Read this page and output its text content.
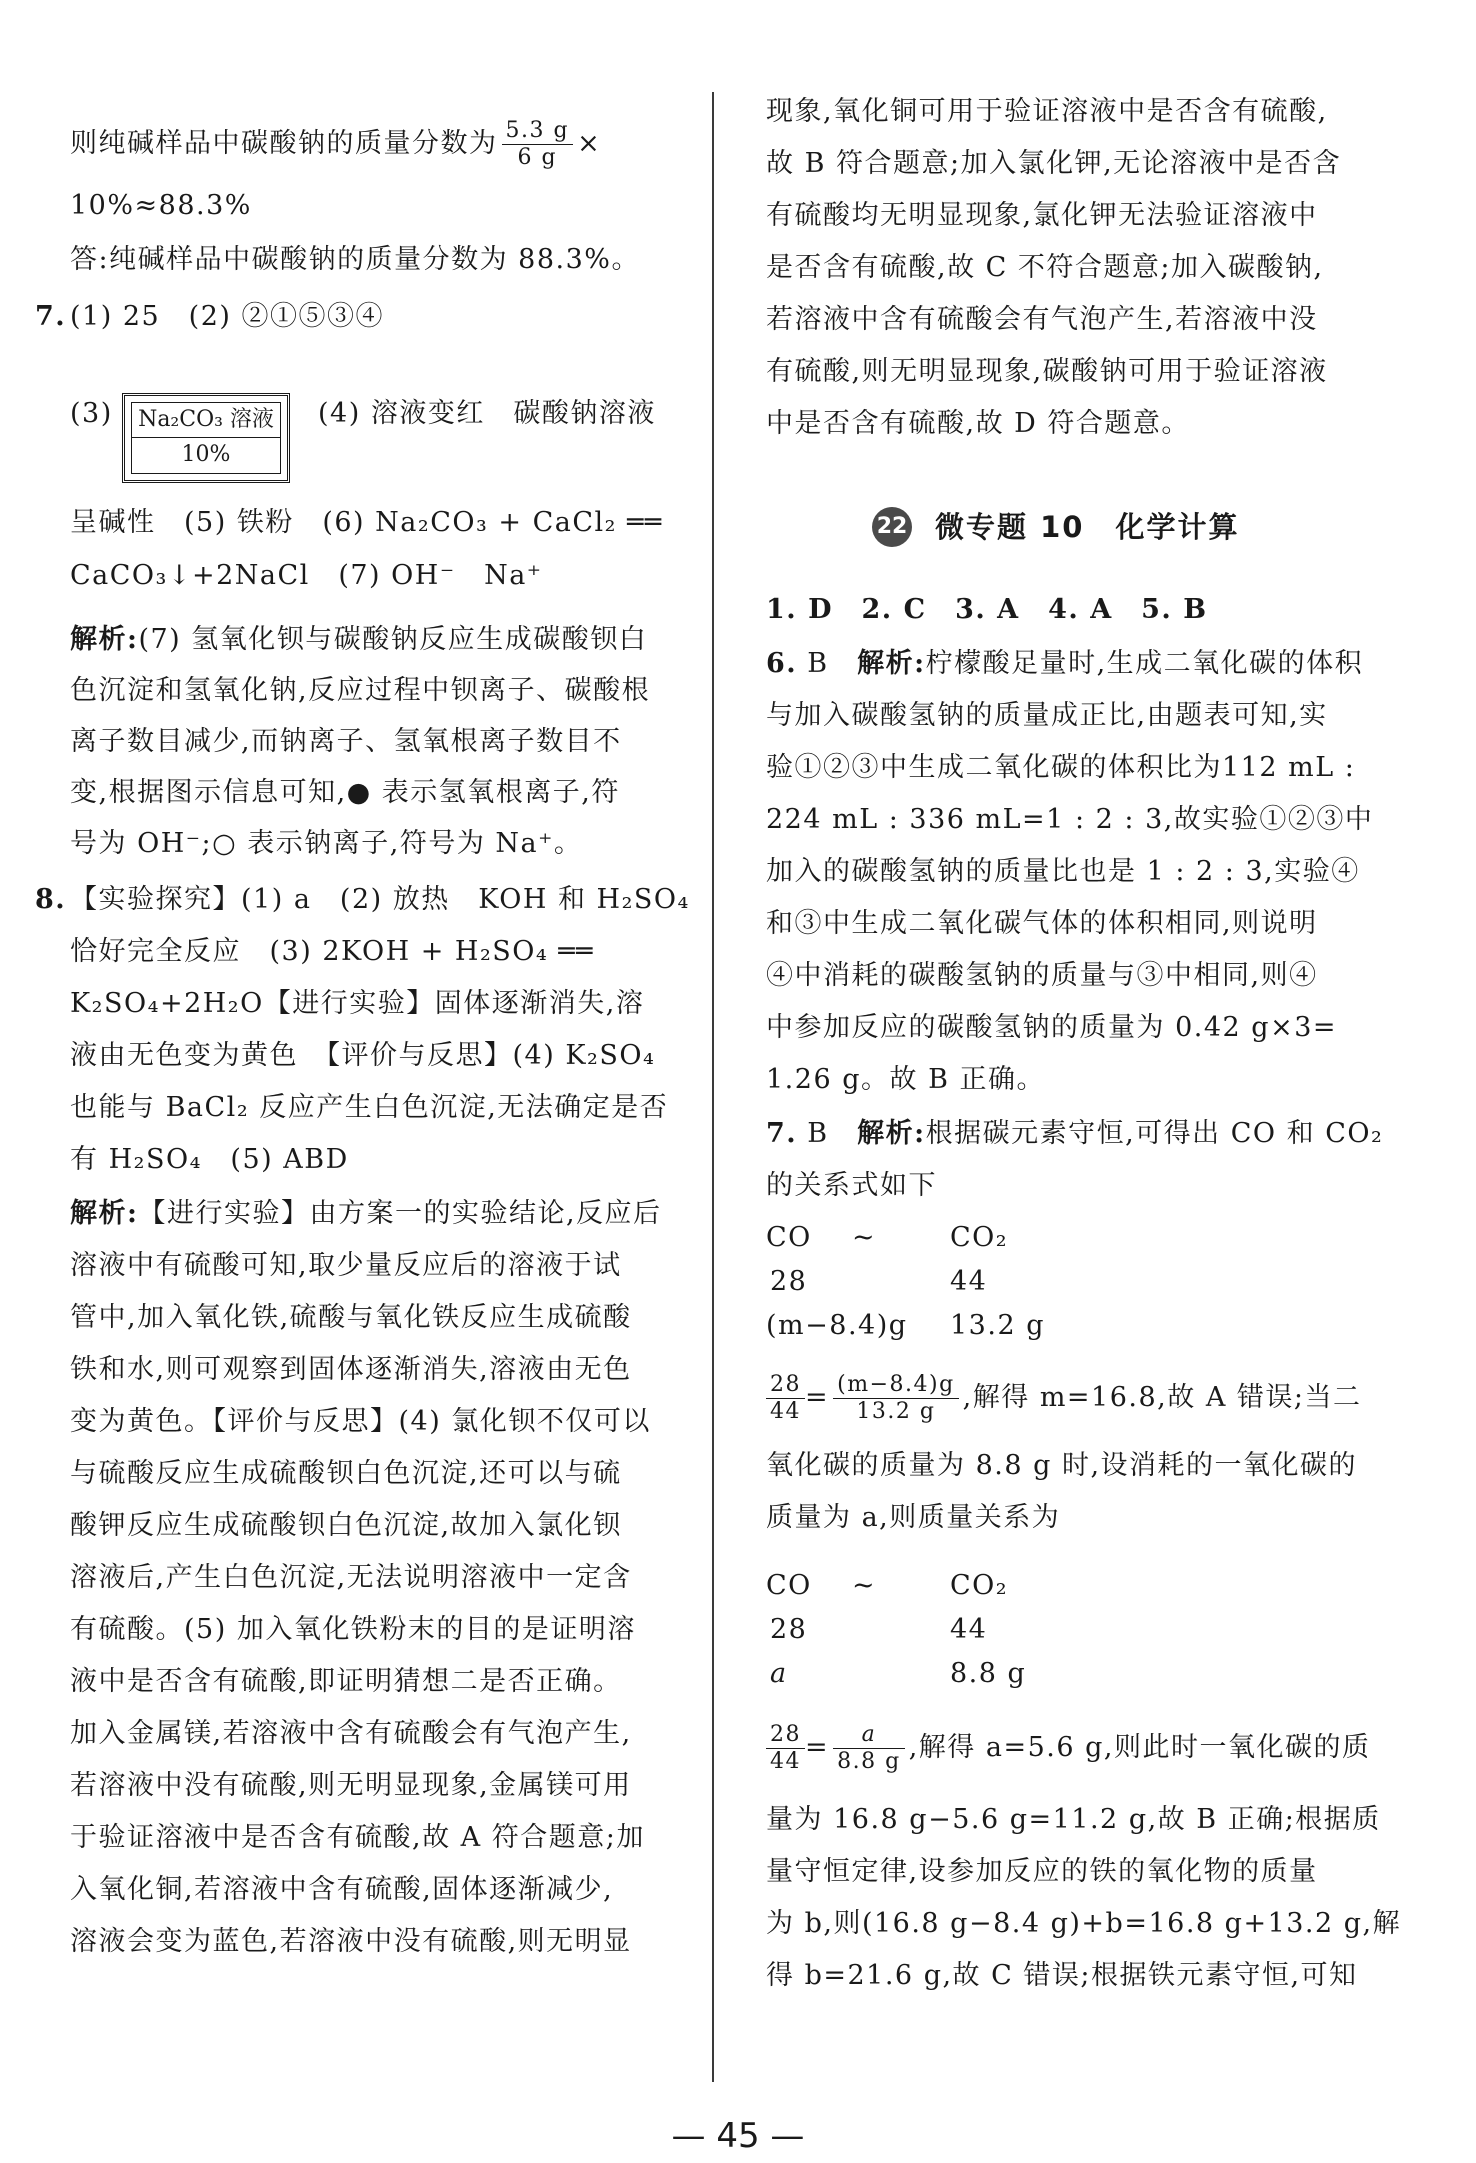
则纯碱样品中碳酸钠的质量分数为 $\frac{5.3 g}{6 g}$ ×
10%≈88.3%
答:纯碱样品中碳酸钠的质量分数为 88.3%。
7. (1) 25　(2) ②①⑤③④
(3) Na₂CO₃ 溶液
10%
(4) 溶液变红　碳酸钠溶液
呈碱性　(5) 铁粉　(6) Na₂CO₃ + CaCl₂ ══
CaCO₃↓+2NaCl　(7) OH⁻　Na⁺
解析:(7) 氢氧化钡与碳酸钠反应生成碳酸钡白
色沉淀和氢氧化钠,反应过程中钡离子、碳酸根
离子数目减少,而钠离子、氢氧根离子数目不
变,根据图示信息可知,● 表示氢氧根离子,符
号为 OH⁻;○ 表示钠离子,符号为 Na⁺。
8. 【实验探究】(1) a　(2) 放热　KOH 和 H₂SO₄
恰好完全反应　(3) 2KOH + H₂SO₄ ══
K₂SO₄+2H₂O【进行实验】固体逐渐消失,溶
液由无色变为黄色　【评价与反思】(4) K₂SO₄
也能与 BaCl₂ 反应产生白色沉淀,无法确定是否
有 H₂SO₄　(5) ABD
解析:【进行实验】由方案一的实验结论,反应后
溶液中有硫酸可知,取少量反应后的溶液于试
管中,加入氧化铁,硫酸与氧化铁反应生成硫酸
铁和水,则可观察到固体逐渐消失,溶液由无色
变为黄色。【评价与反思】(4) 氯化钡不仅可以
与硫酸反应生成硫酸钡白色沉淀,还可以与硫
酸钾反应生成硫酸钡白色沉淀,故加入氯化钡
溶液后,产生白色沉淀,无法说明溶液中一定含
有硫酸。(5) 加入氧化铁粉末的目的是证明溶
液中是否含有硫酸,即证明猜想二是否正确。
加入金属镁,若溶液中含有硫酸会有气泡产生,
若溶液中没有硫酸,则无明显现象,金属镁可用
于验证溶液中是否含有硫酸,故 A 符合题意;加
入氧化铜,若溶液中含有硫酸,固体逐渐减少,
溶液会变为蓝色,若溶液中没有硫酸,则无明显
现象,氧化铜可用于验证溶液中是否含有硫酸,
故 B 符合题意;加入氯化钾,无论溶液中是否含
有硫酸均无明显现象,氯化钾无法验证溶液中
是否含有硫酸,故 C 不符合题意;加入碳酸钠,
若溶液中含有硫酸会有气泡产生,若溶液中没
有硫酸,则无明显现象,碳酸钠可用于验证溶液
中是否含有硫酸,故 D 符合题意。
22 微专题 10　化学计算
1. D　2. C　3. A　4. A　5. B
6. B　 解析:柠檬酸足量时,生成二氧化碳的体积
与加入碳酸氢钠的质量成正比,由题表可知,实
验①②③中生成二氧化碳的体积比为112 mL :
224 mL : 336 mL=1 : 2 : 3,故实验①②③中
加入的碳酸氢钠的质量比也是 1 : 2 : 3,实验④
和③中生成二氧化碳气体的体积相同,则说明
④中消耗的碳酸氢钠的质量与③中相同,则④
中参加反应的碳酸氢钠的质量为 0.42 g×3=
1.26 g。故 B 正确。
7. B　 解析:根据碳元素守恒,可得出 CO 和 CO₂
的关系式如下
CO ~	CO₂
28	44
(m−8.4)g 13.2 g
$\frac{28}{44} = \frac{(m-8.4)g}{13.2 g}$ ,解得 m=16.8,故 A 错误;当二
氧化碳的质量为 8.8 g 时,设消耗的一氧化碳的
质量为 a,则质量关系为
CO ~	CO₂
28	44
a	8.8 g
$\frac{28}{44} = \frac{a}{8.8 g}$ ,解得 a=5.6 g,则此时一氧化碳的质
量为 16.8 g−5.6 g=11.2 g,故 B 正确;根据质
量守恒定律,设参加反应的铁的氧化物的质量
为 b,则(16.8 g−8.4 g)+b=16.8 g+13.2 g,解
得 b=21.6 g,故 C 错误;根据铁元素守恒,可知
— 45 —
